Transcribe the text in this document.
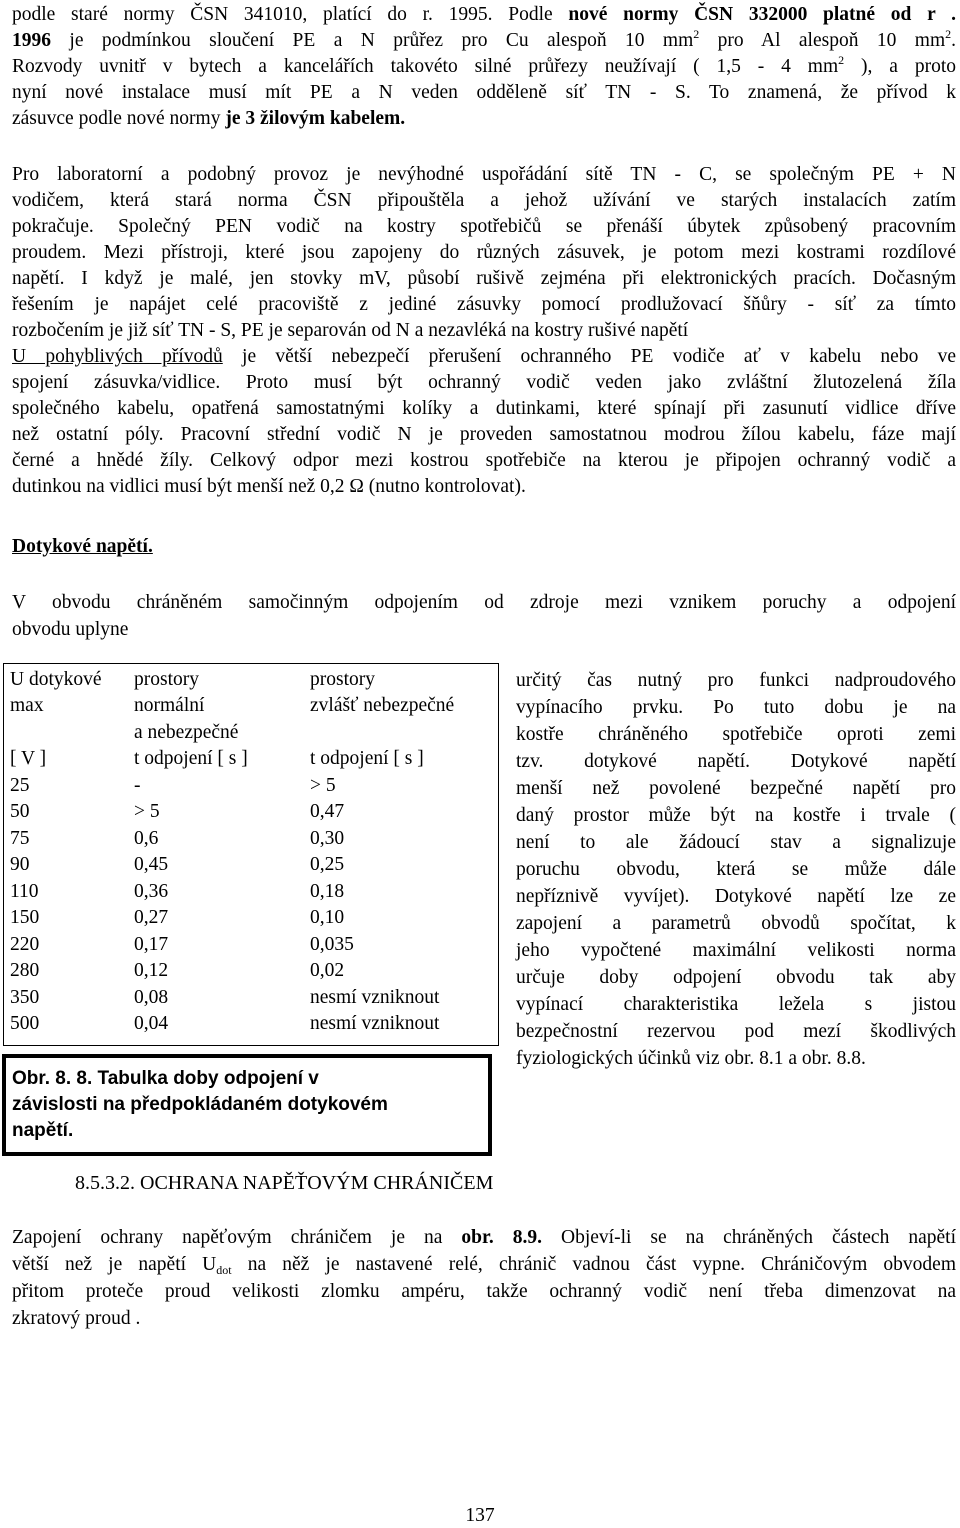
podle staré normy ČSN 341010, platící do r. 1995. Podle nové normy ČSN 332000 platné od r .
1996 je podmínkou sloučení PE a N průřez pro Cu alespoň 10 $mm^2$ pro Al alespoň 10 $mm^2$.
Rozvody uvnitř v bytech a kancelářích takovéto silné průřezy neužívají ( 1,5 - 4 $mm^2$ ), a proto
nyní nové instalace musí mít PE a N veden odděleně síť TN - S. To znamená, že přívod k
zásuvce podle nové normy je 3 žilovým kabelem.
Pro laboratorní a podobný provoz je nevýhodné uspořádání sítě TN - C, se společným PE + N
vodičem, která stará norma ČSN připouštěla a jehož užívání ve starých instalacích zatím
pokračuje. Společný PEN vodič na kostry spotřebičů se přenáší úbytek způsobený pracovním
proudem. Mezi přístroji, které jsou zapojeny do různých zásuvek, je potom mezi kostrami rozdílové
napětí. I když je malé, jen stovky mV, působí rušivě zejména při elektronických pracích. Dočasným
řešením je napájet celé pracoviště z jediné zásuvky pomocí prodlužovací šňůry - síť za tímto
rozbočením je již síť TN - S, PE je separován od N a nezavléká na kostry rušivé napětí
U pohyblivých přívodů je větší nebezpečí přerušení ochranného PE vodiče ať v kabelu nebo ve
spojení zásuvka/vidlice. Proto musí být ochranný vodič veden jako zvláštní žlutozelená žíla
společného kabelu, opatřená samostatnými kolíky a dutinkami, které spínají při zasunutí vidlice dříve
než ostatní póly. Pracovní střední vodič N je proveden samostatnou modrou žílou kabelu, fáze mají
černé a hnědé žíly. Celkový odpor mezi kostrou spotřebiče na kterou je připojen ochranný vodič a
dutinkou na vidlici musí být menší než 0,2 Ω (nutno kontrolovat).
Dotykové napětí.
V obvodu chráněném samočinným odpojením od zdroje mezi vznikem poruchy a odpojení
obvodu uplyne
U dotykové	prostory	prostory
max	normální	zvlášť nebezpečné
	a nebezpečné	
[ V ]	t odpojení [ s ]	t odpojení [ s ]
25	-	> 5
50	> 5	0,47
75	0,6	0,30
90	0,45	0,25
110	0,36	0,18
150	0,27	0,10
220	0,17	0,035
280	0,12	0,02
350	0,08	nesmí vzniknout
500	0,04	nesmí vzniknout
Obr. 8. 8. Tabulka doby odpojení v
závislosti na předpokládaném dotykovém
napětí.
určitý čas nutný pro funkci nadproudového
vypínacího prvku. Po tuto dobu je na
kostře chráněného spotřebiče oproti zemi
tzv. dotykové napětí. Dotykové napětí
menší než povolené bezpečné napětí pro
daný prostor může být na kostře i trvale (
není to ale žádoucí stav a signalizuje
poruchu obvodu, která se může dále
nepříznivě vyvíjet). Dotykové napětí lze ze
zapojení a parametrů obvodů spočítat, k
jeho vypočtené maximální velikosti norma
určuje doby odpojení obvodu tak aby
vypínací charakteristika ležela s jistou
bezpečnostní rezervou pod mezí škodlivých
fyziologických účinků viz obr. 8.1 a obr. 8.8.
8.5.3.2. OCHRANA NAPĚŤOVÝM CHRÁNIČEM
Zapojení ochrany napěťovým chráničem je na obr. 8.9. Objeví-li se na chráněných částech napětí
větší než je napětí $U_{dot}$ na něž je nastavené relé, chránič vadnou část vypne. Chráničovým obvodem
přitom proteče proud velikosti zlomku ampéru, takže ochranný vodič není třeba dimenzovat na
zkratový proud .
137
